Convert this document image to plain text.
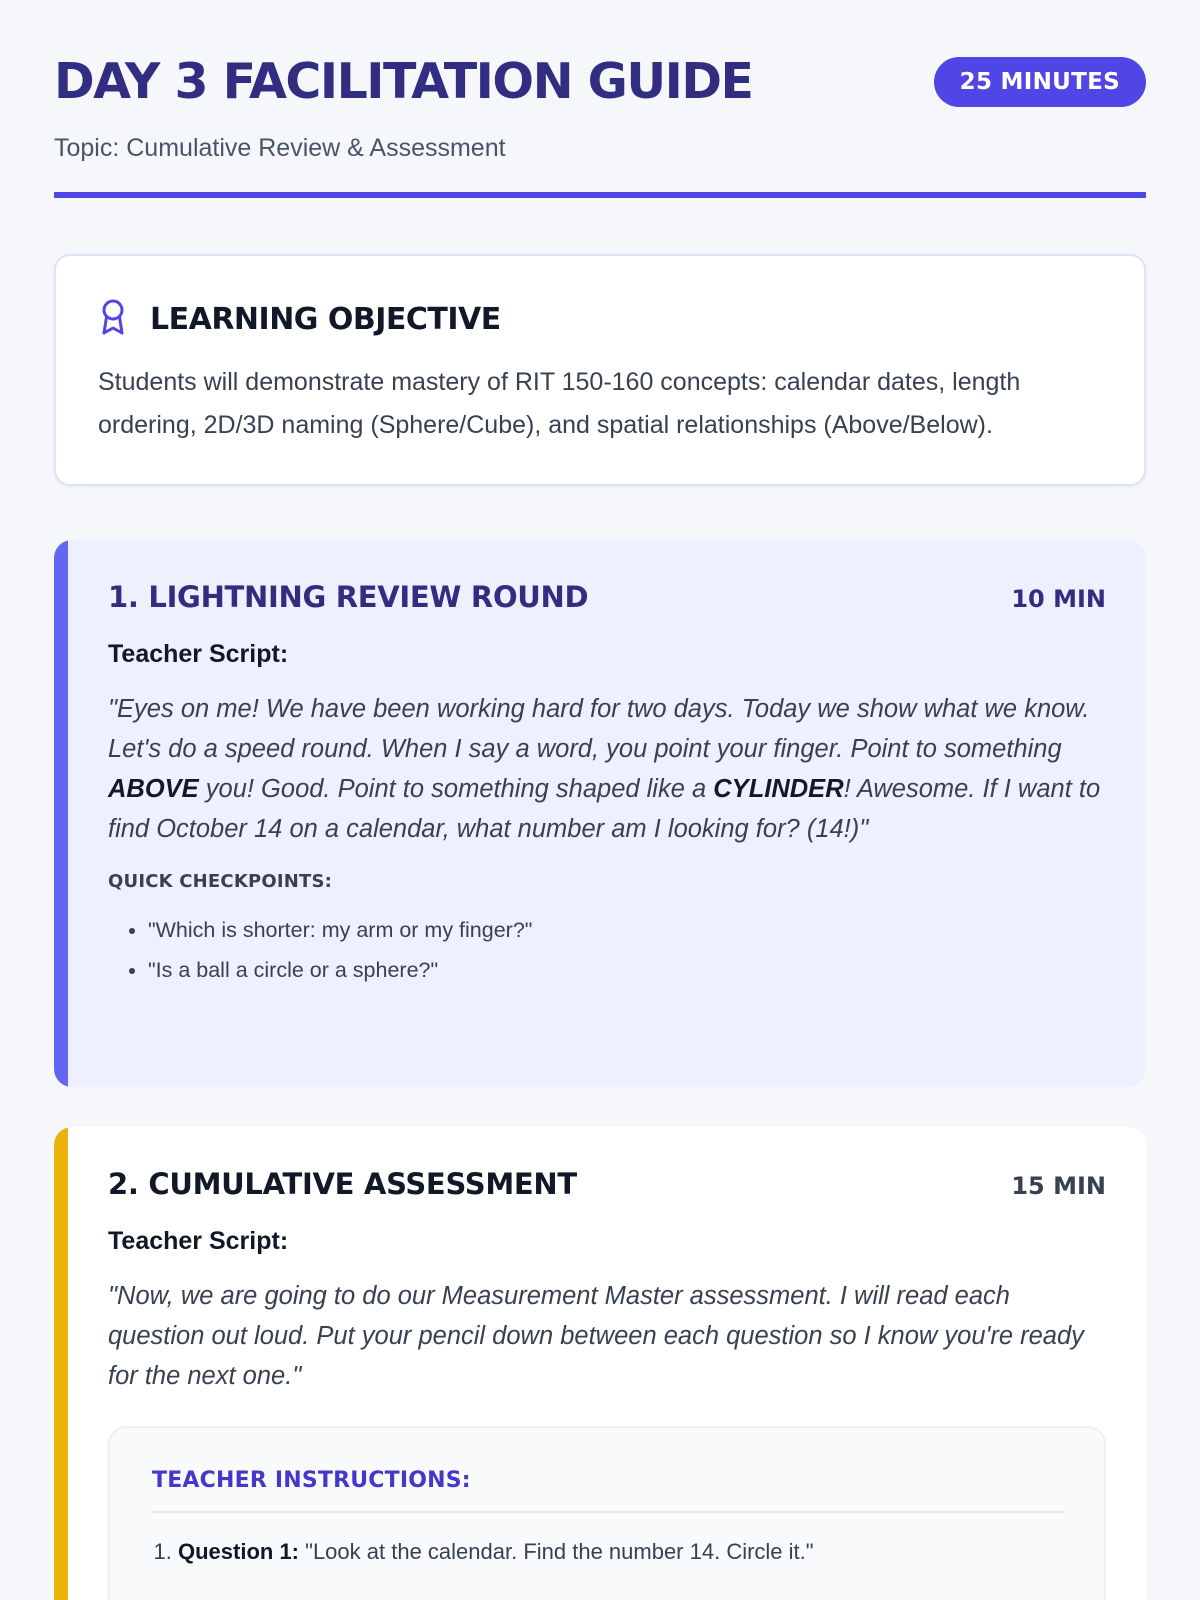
DAY 3 FACILITATION GUIDE
Topic: Cumulative Review & Assessment
25 MINUTES
LEARNING OBJECTIVE

Students will demonstrate mastery of RIT 150-160 concepts: calendar dates, length ordering, 2D/3D naming (Sphere/Cube), and spatial relationships (Above/Below).

1. LIGHTNING REVIEW ROUND	10 MIN
Teacher Script:

"Eyes on me! We have been working hard for two days. Today we show what we know. Let's do a speed round. When I say a word, you point your finger. Point to something ABOVE you! Good. Point to something shaped like a CYLINDER! Awesome. If I want to find October 14 on a calendar, what number am I looking for? (14!)"

QUICK CHECKPOINTS:
• "Which is shorter: my arm or my finger?"
• "Is a ball a circle or a sphere?"
2. CUMULATIVE ASSESSMENT	15 MIN
Teacher Script:

"Now, we are going to do our Measurement Master assessment. I will read each question out loud. Put your pencil down between each question so I know you're ready for the next one."

TEACHER INSTRUCTIONS:
1. Question 1: "Look at the calendar. Find the number 14. Circle it."
